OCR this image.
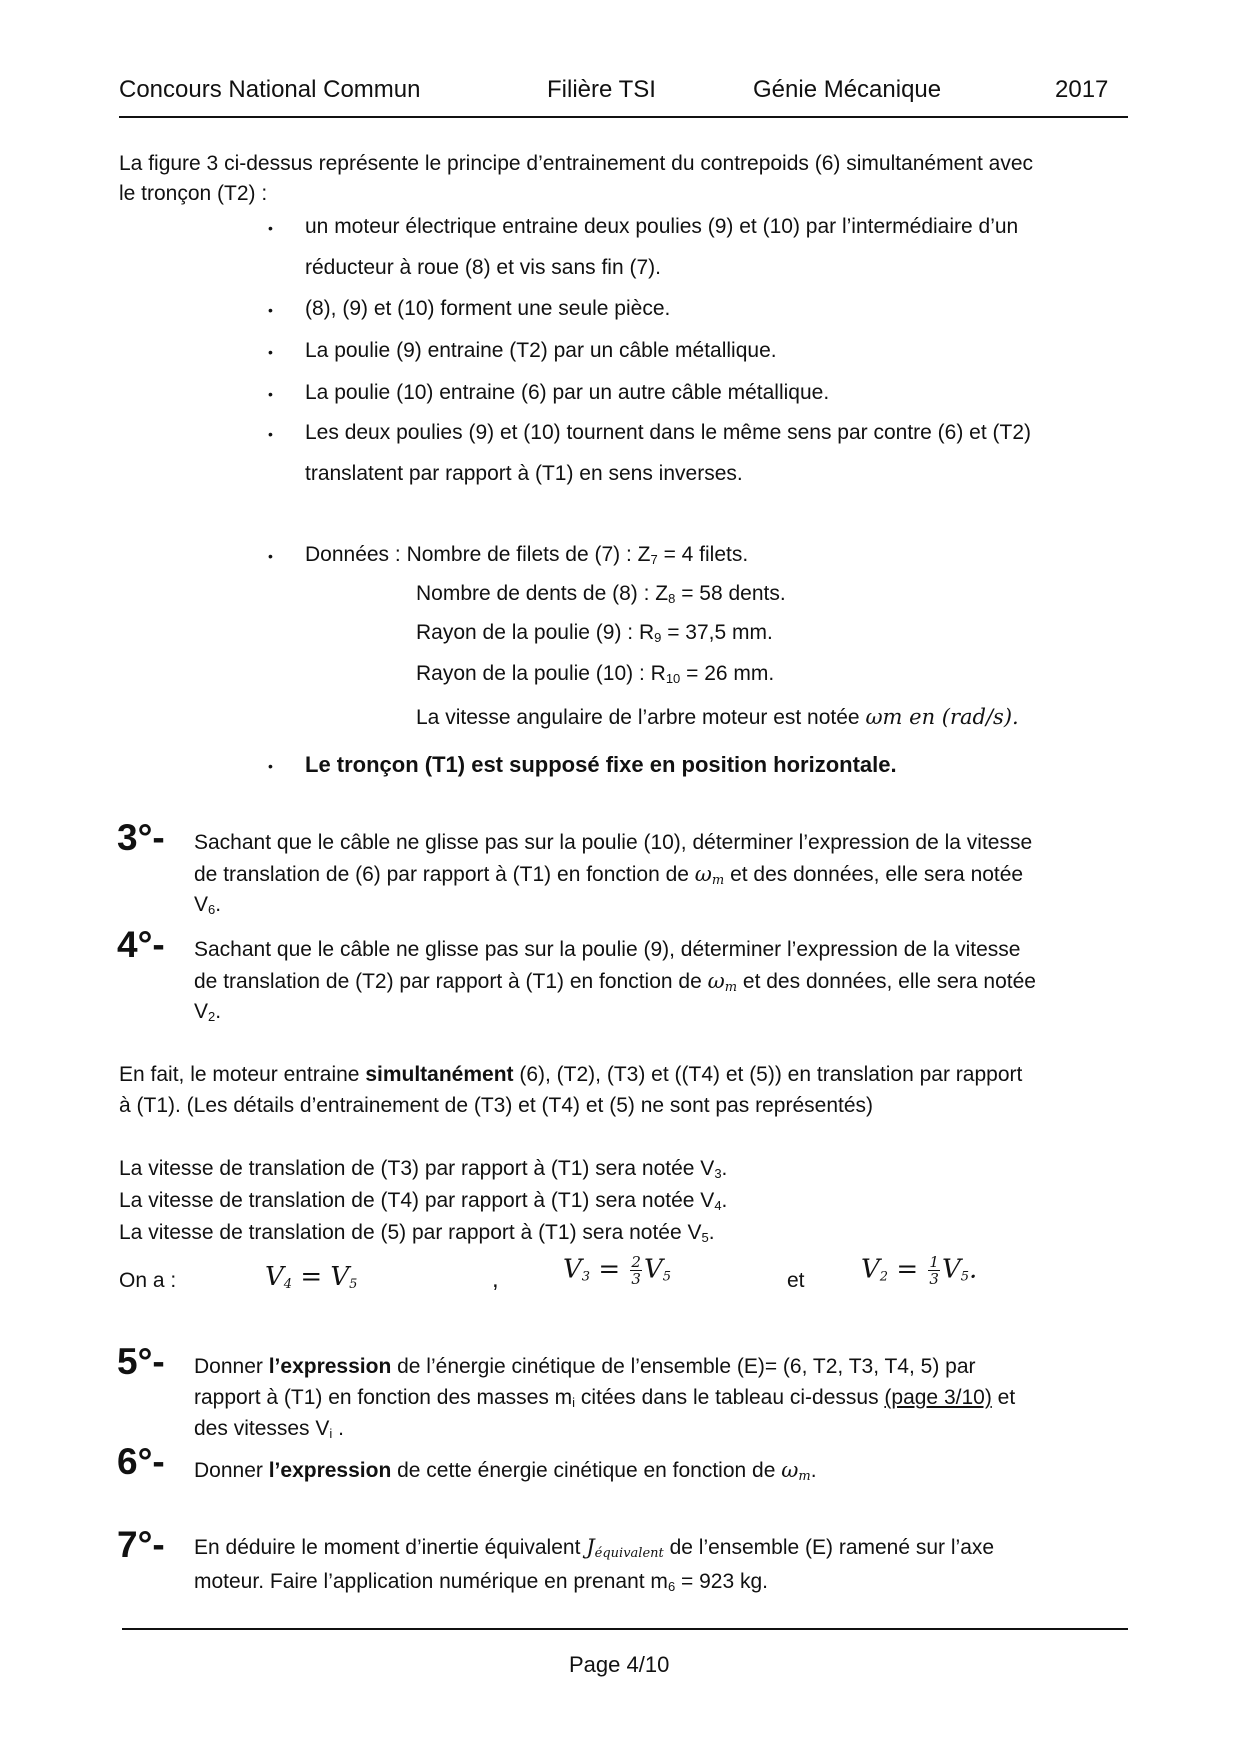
Concours National Commun	Filière TSI	Génie Mécanique	2017
La figure 3 ci-dessus représente le principe d’entrainement du contrepoids (6) simultanément avec
le tronçon (T2) :
• un moteur électrique entraine deux poulies (9) et (10) par l’intermédiaire d’un
réducteur à roue (8) et vis sans fin (7).
• (8), (9) et (10) forment une seule pièce.
• La poulie (9) entraine (T2) par un câble métallique.
• La poulie (10) entraine (6) par un autre câble métallique.
• Les deux poulies (9) et (10) tournent dans le même sens par contre (6) et (T2)
translatent par rapport à (T1) en sens inverses.
• Données : Nombre de filets de (7) : $Z_7 = 4$ filets.
Nombre de dents de (8) : $Z_8 = 58$ dents.
Rayon de la poulie (9) : $R_9 = 37,5$ mm.
Rayon de la poulie (10) : $R_{10} = 26$ mm.
La vitesse angulaire de l’arbre moteur est notée ωm en (rad/s).
• Le tronçon (T1) est supposé fixe en position horizontale.
3°- Sachant que le câble ne glisse pas sur la poulie (10), déterminer l’expression de la vitesse
de translation de (6) par rapport à (T1) en fonction de $\omega_m$ et des données, elle sera notée
$V_6$.
4°- Sachant que le câble ne glisse pas sur la poulie (9), déterminer l’expression de la vitesse
de translation de (T2) par rapport à (T1) en fonction de $\omega_m$ et des données, elle sera notée
$V_2$.
En fait, le moteur entraine simultanément (6), (T2), (T3) et ((T4) et (5)) en translation par rapport
à (T1). (Les détails d’entrainement de (T3) et (T4) et (5) ne sont pas représentés)
La vitesse de translation de (T3) par rapport à (T1) sera notée $V_3$.
La vitesse de translation de (T4) par rapport à (T1) sera notée $V_4$.
La vitesse de translation de (5) par rapport à (T1) sera notée $V_5$.
On a :	$V_4 = V_5$	, $V_3 = \frac{2}{3} V_5$	et $V_2 = \frac{1}{3} V_5$.
5°- Donner l’expression de l’énergie cinétique de l’ensemble (E)= (6, T2, T3, T4, 5) par
rapport à (T1) en fonction des masses $m_i$ citées dans le tableau ci-dessus (page 3/10) et
des vitesses $V_i$ .
6°- Donner l’expression de cette énergie cinétique en fonction de $\omega_m$.
7°- En déduire le moment d’inertie équivalent $J_{équivalent}$ de l’ensemble (E) ramené sur l’axe
moteur. Faire l’application numérique en prenant $m_6 = 923$ kg.
Page 4/10
